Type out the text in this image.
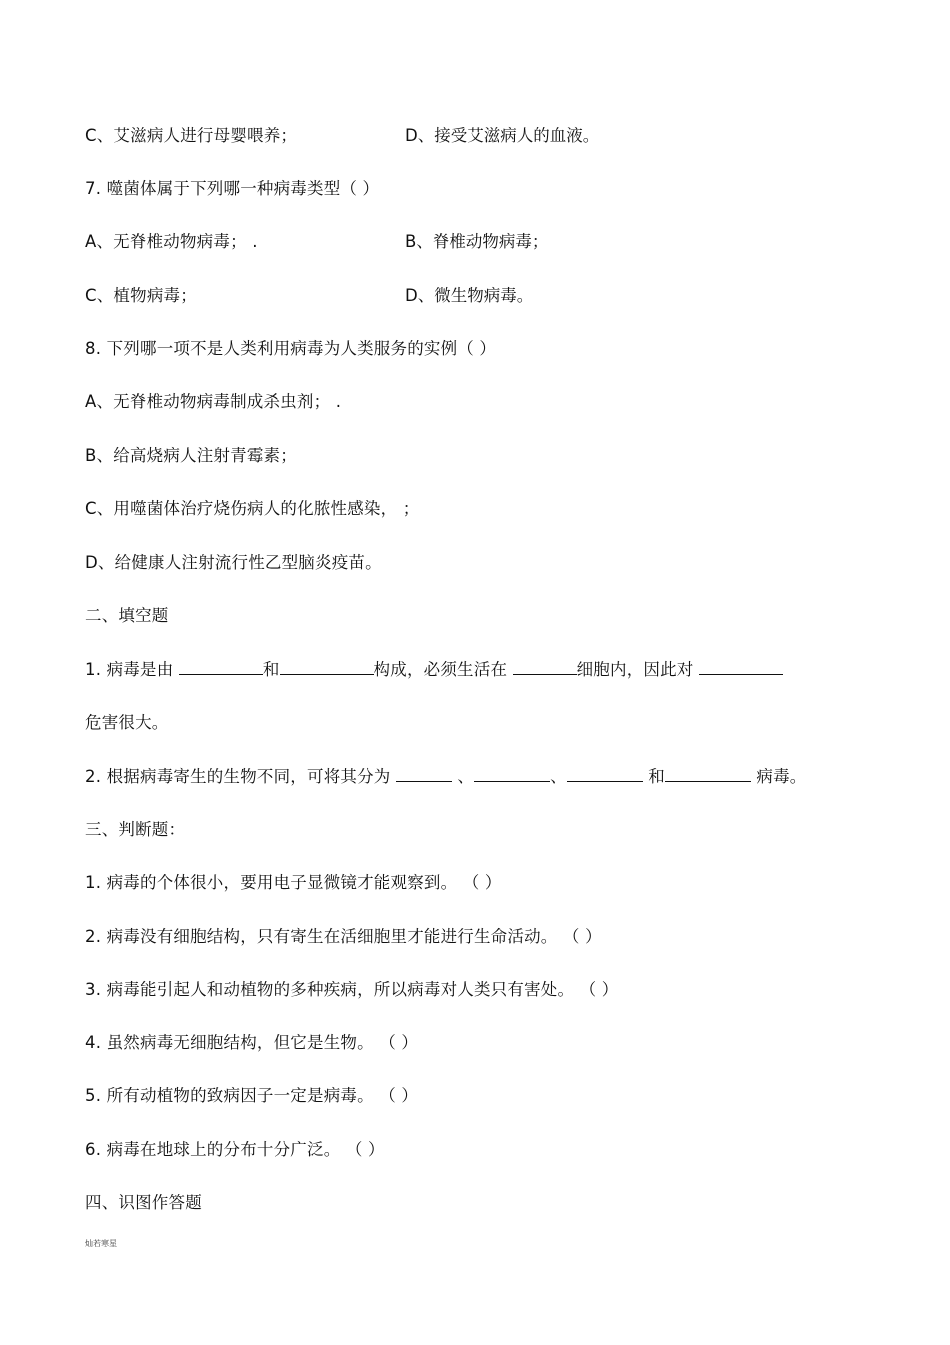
C、艾滋病人进行母婴喂养；	D、接受艾滋病人的血液。
7. 噬菌体属于下列哪一种病毒类型（ ）
A、无脊椎动物病毒； .	B、脊椎动物病毒；
C、植物病毒；	D、微生物病毒。
8. 下列哪一项不是人类利用病毒为人类服务的实例（ ）
A、无脊椎动物病毒制成杀虫剂； .
B、给高烧病人注射青霉素；
C、用噬菌体治疗烧伤病人的化脓性感染， ；
D、给健康人注射流行性乙型脑炎疫苗。
二、填空题
1. 病毒是由	和	构成，必须生活在	细胞内，因此对
危害很大。
2. 根据病毒寄生的生物不同，可将其分为	、	、	和	病毒。
三、判断题：
1. 病毒的个体很小，要用电子显微镜才能观察到。 （ ）
2. 病毒没有细胞结构，只有寄生在活细胞里才能进行生命活动。 （ ）
3. 病毒能引起人和动植物的多种疾病，所以病毒对人类只有害处。 （ ）
4. 虽然病毒无细胞结构，但它是生物。 （ ）
5. 所有动植物的致病因子一定是病毒。 （ ）
6. 病毒在地球上的分布十分广泛。 （ ）
四、识图作答题
灿若寒星
